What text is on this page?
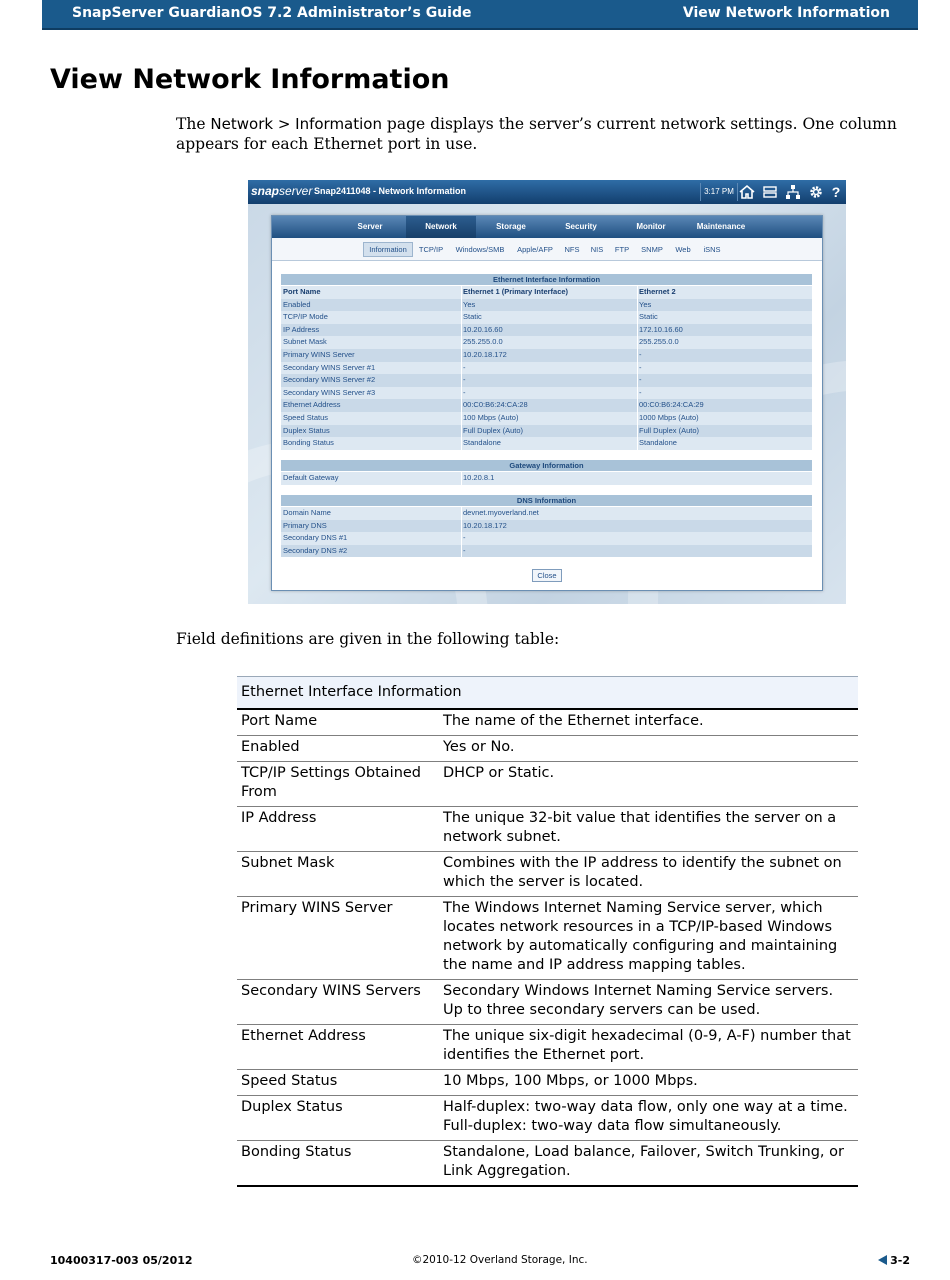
SnapServer GuardianOS 7.2 Administrator’s Guide	View Network Information
View Network Information
The Network > Information page displays the server’s current network settings. One column appears for each Ethernet port in use.
snapserver Snap2411048 - Network Information	3:17 PM	?
Server	Network	Storage	Security	Monitor	Maintenance
Information	TCP/IP	Windows/SMB	Apple/AFP	NFS	NIS	FTP	SNMP	Web	iSNS
Ethernet Interface Information
Port Name	Ethernet 1 (Primary Interface)	Ethernet 2
Enabled	Yes	Yes
TCP/IP Mode	Static	Static
IP Address	10.20.16.60	172.10.16.60
Subnet Mask	255.255.0.0	255.255.0.0
Primary WINS Server	10.20.18.172	-
Secondary WINS Server #1	-	-
Secondary WINS Server #2	-	-
Secondary WINS Server #3	-	-
Ethernet Address	00:C0:B6:24:CA:28	00:C0:B6:24:CA:29
Speed Status	100 Mbps (Auto)	1000 Mbps (Auto)
Duplex Status	Full Duplex (Auto)	Full Duplex (Auto)
Bonding Status	Standalone	Standalone
Gateway Information
Default Gateway	10.20.8.1
DNS Information
Domain Name	devnet.myoverland.net
Primary DNS	10.20.18.172
Secondary DNS #1	-
Secondary DNS #2	-
Close
Field definitions are given in the following table:
Ethernet Interface Information	
Port Name	The name of the Ethernet interface.
Enabled	Yes or No.
TCP/IP Settings Obtained From	DHCP or Static.
IP Address	The unique 32-bit value that identifies the server on a network subnet.
Subnet Mask	Combines with the IP address to identify the subnet on which the server is located.
Primary WINS Server	The Windows Internet Naming Service server, which locates network resources in a TCP/IP-based Windows network by automatically configuring and maintaining the name and IP address mapping tables.
Secondary WINS Servers	Secondary Windows Internet Naming Service servers. Up to three secondary servers can be used.
Ethernet Address	The unique six-digit hexadecimal (0-9, A-F) number that identifies the Ethernet port.
Speed Status	10 Mbps, 100 Mbps, or 1000 Mbps.
Duplex Status	Half-duplex: two-way data flow, only one way at a time.
Full-duplex: two-way data flow simultaneously.
Bonding Status	Standalone, Load balance, Failover, Switch Trunking, or Link Aggregation.
10400317-003 05/2012	©2010-12 Overland Storage, Inc.	3-2
